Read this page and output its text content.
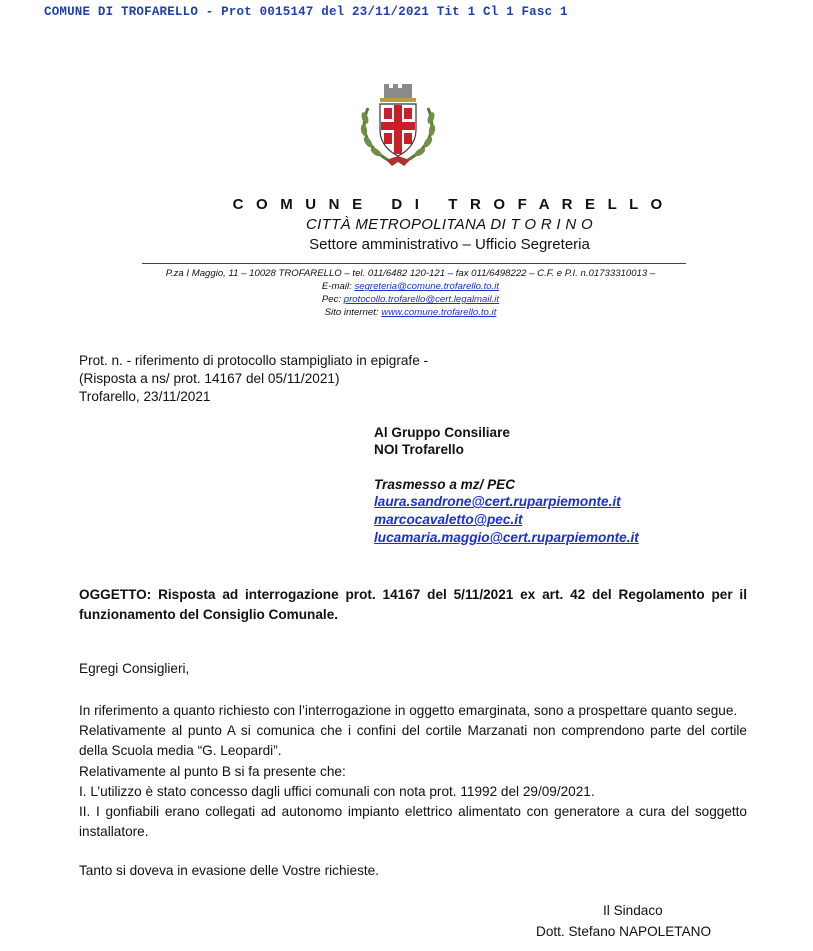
COMUNE DI TROFARELLO - Prot 0015147 del 23/11/2021 Tit 1 Cl 1 Fasc 1
C O M U N E   D I   T R O F A R E L L O
CITTÀ METROPOLITANA DI T O R I N O
Settore amministrativo – Ufficio Segreteria
P.za I Maggio, 11 – 10028 TROFARELLO – tel. 011/6482 120-121 – fax 011/6498222 – C.F. e P.I. n.01733310013 –
E-mail: segreteria@comune.trofarello.to.it
Pec: protocollo.trofarello@cert.legalmail.it
Sito internet: www.comune.trofarello.to.it
Prot. n. - riferimento di protocollo stampigliato in epigrafe -
(Risposta a ns/ prot. 14167 del 05/11/2021)
Trofarello, 23/11/2021
Al Gruppo Consiliare
NOI Trofarello
Trasmesso a mz/ PEC
laura.sandrone@cert.ruparpiemonte.it
marcocavaletto@pec.it
lucamaria.maggio@cert.ruparpiemonte.it
OGGETTO: Risposta ad interrogazione prot. 14167 del 5/11/2021 ex art. 42 del Regolamento per il funzionamento del Consiglio Comunale.
Egregi Consiglieri,
In riferimento a quanto richiesto con l’interrogazione in oggetto emarginata, sono a prospettare quanto segue.
Relativamente al punto A si comunica che i confini del cortile Marzanati non comprendono parte del cortile della Scuola media “G. Leopardi”.
Relativamente al punto B si fa presente che:
I. L’utilizzo è stato concesso dagli uffici comunali con nota prot. 11992 del 29/09/2021.
II. I gonfiabili erano collegati ad autonomo impianto elettrico alimentato con generatore a cura del soggetto installatore.
Tanto si doveva in evasione delle Vostre richieste.
Il Sindaco
Dott. Stefano NAPOLETANO
